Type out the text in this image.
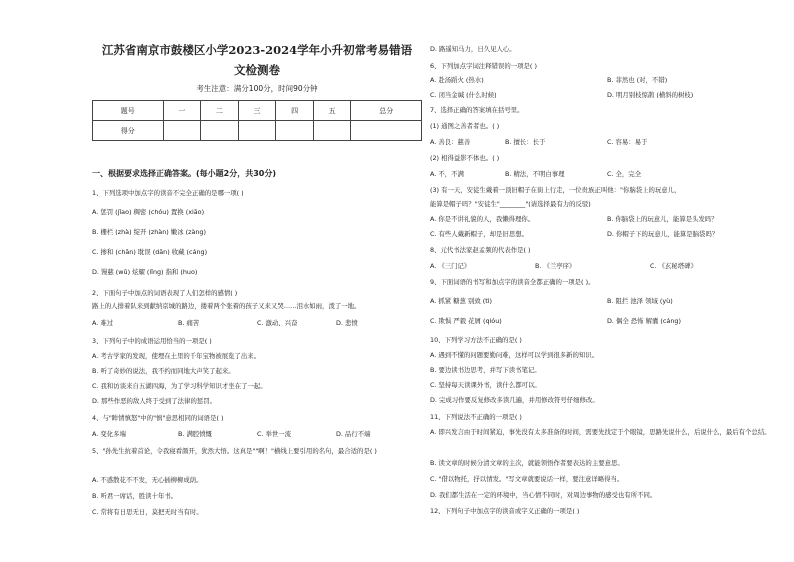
江苏省南京市鼓楼区小学2023-2024学年小升初常考易错语
文检测卷
考生注意：满分100分，时间90分钟
题号	一	二	三	四	五	总分
得分						
一、根据要求选择正确答案。(每小题2分，共30分)
1、下列选项中加点字的读音不完全正确的是哪一项( )
A. 惩罚 (jǐao) 稠密 (chóu) 置换 (xiāo)
B. 栅栏 (zhà) 绽开 (zhàn) 嫩冰 (zàng)
C. 掺和 (chān) 耽误 (dān) 收藏 (cáng)
D. 馒慈 (wǔ) 炫耀 (lǐng) 指和 (huo)
2、下面句子中加点的词语表现了人们怎样的感情( )
路上的人排着队来到献纳京城的路边，搂着两个张着的孩子又来又哭……泪水如雨，泼了一地。
3、下列句子中的成语运用恰当的一项是( )
A. 考古学家的发现，使埋在土里的千年宝物被展览了出来。
B. 听了奇妙的说法，我不约而同地大声笑了起来。
C. 我和访谈来自五湖四海，为了学习科学知识才坐在了一起。
D. 那些作恶的敌人终于受到了法律的惩罚。
4、与"眸情慎怒"中的"慎"意思相同的词语是( )
5、"孙先生抗着首论，令我寝看颜开，犹然大悟。这真是""啊！"横线上要引用的名句，最合适的是( )
A. 不惑散花不不发，无心插柳柳成荫。
B. 听君一席话，胜读十年书。
C. 常将有日思无日，莫把无时当有时。
A. 难过	B. 痛苦	C. 激动、兴奋	D. 悲愤
A. 变化多端	B. 满腔愤慨	C. 举世一流	D. 品行不端
D. 路遥知马力，日久见人心。
6、下列加点字词注释错误的一项是( )
7、选择正确的答案填在括号里。
(1) 通图之善者者也。( )
(2) 相得益影不体也。( )
(3) 有一天，安徒生戴着一顶旧帽子在街上行走，一位贵族正叫他："你脑袋上的玩意儿，
能算是帽子吗？"安徒生"________"(请选择最有力的反驳)
A. 你是不讲礼貌的人，我懒得理你。	B. 你脑袋上的玩意儿，能算是头发吗？
C. 有些人戴新帽子，却是旧思想。	D. 你帽子下的玩意儿，能算是脑袋吗？
8、元代书法家赵孟频的代表作是( )
9、下面词语的书写和加点字的读音全都正确的一项是( )。
10、下列学习方法不正确的是( )
A. 遇到不懂的问题要勤问难，这样可以学到很多新的知识。
B. 要边读书边思考，并写下读书笔记。
C. 坚持每天读课外书，读什么都可以。
D. 完成习作要反复修改多读几遍，并用修改符号仔细修改。
11、下列说法不正确的一项是( )
A. 即兴发言由于时间紧迫，事先没有太多准备的时间，需要先找定于个眼镜，思路先说什么，后说什么，最后有个总结。
B. 读文章的时候分清文章的主次，就能领悟作者要表达的主要意思。
C. "借以物托，抒以情发。"写文章就要说话一样，要注意详略得当。
D. 我们都生活在一定的环境中，当心情不同时，对周边事物的感受也有所不同。
12、下列句子中加点字的读音或字义正确的一项是( )
A. 赴汤蹈火 (热水)	B. 菲然也 (对，不错)
C. 闭当金缄 (什么时候)	D. 明月别枝惊鹊 (横斜的树枝)
A. 善良：慈善	B. 擅长：长于	C. 容易：易于
A. 不，不满	B. 精法，不明白事理	C. 全，完全
A. 《三门记》	B. 《兰亭序》	C. 《玄秘塔碑》
A. 抓紧 糖葱 别致 (tì)	B. 阻拦 池泽 领域 (yù)
C. 欺惧 严毅 花屑 (qióu)	D. 偶全 恐怖 解囊 (cáng)
